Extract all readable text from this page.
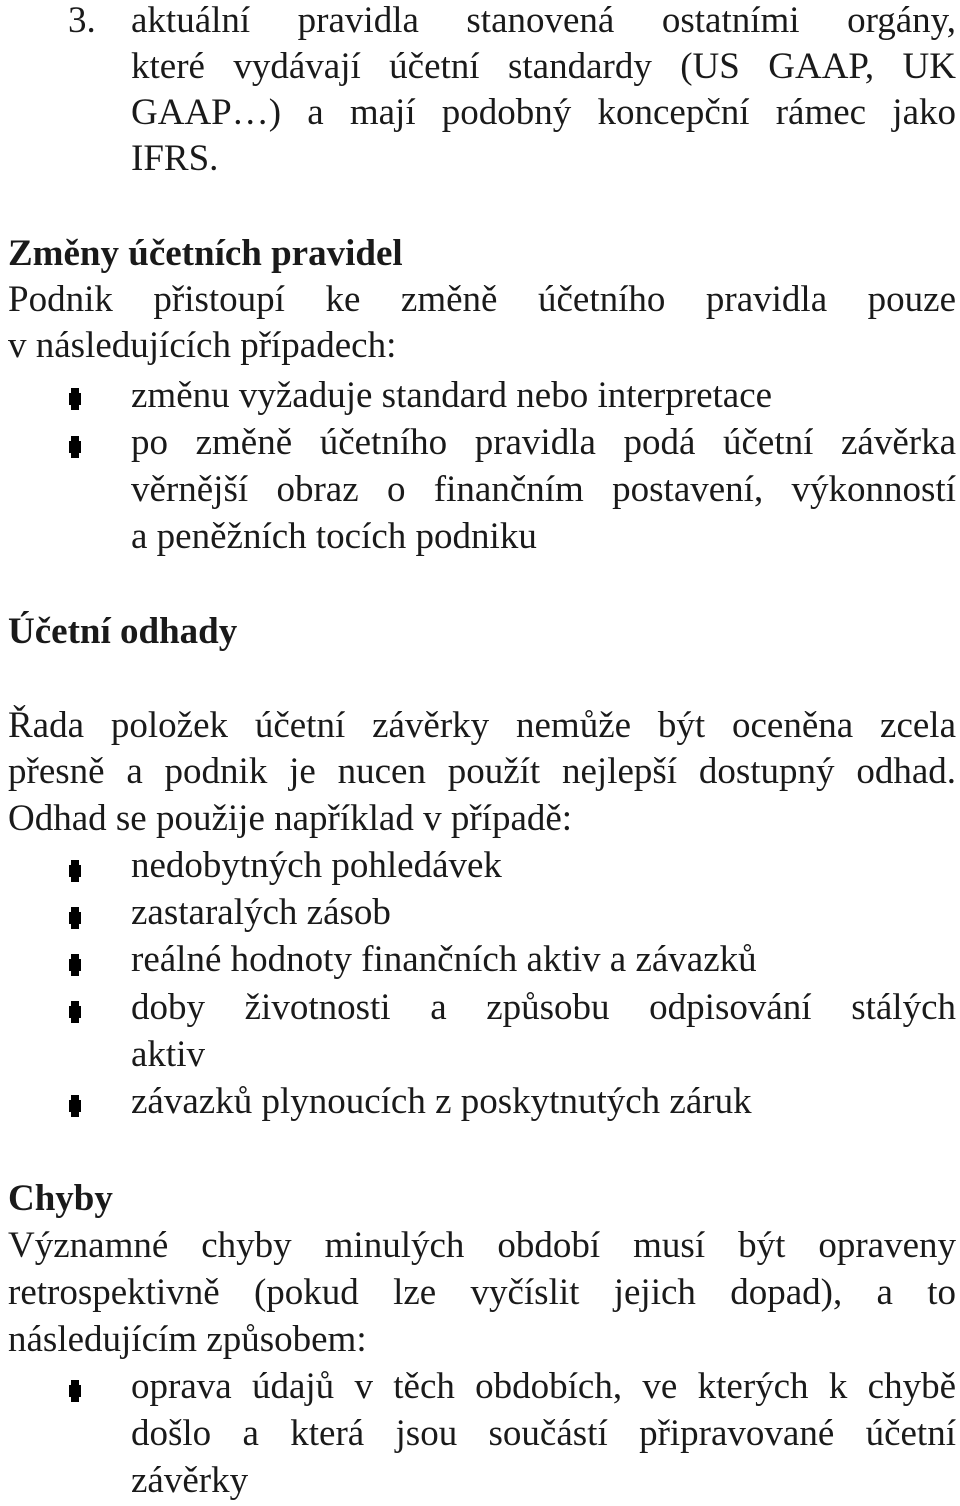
3. aktuální pravidla stanovená ostatními orgány,
které vydávají účetní standardy (US GAAP, UK
GAAP…) a mají podobný koncepční rámec jako
IFRS.
Změny účetních pravidel
Podnik přistoupí ke změně účetního pravidla pouze
v následujících případech:
změnu vyžaduje standard nebo interpretace
po změně účetního pravidla podá účetní závěrka
věrnější obraz o finančním postavení, výkonností
a peněžních tocích podniku
Účetní odhady
Řada položek účetní závěrky nemůže být oceněna zcela
přesně a podnik je nucen použít nejlepší dostupný odhad.
Odhad se použije například v případě:
nedobytných pohledávek
zastaralých zásob
reálné hodnoty finančních aktiv a závazků
doby životnosti a způsobu odpisování stálých
aktiv
závazků plynoucích z poskytnutých záruk
Chyby
Významné chyby minulých období musí být opraveny
retrospektivně (pokud lze vyčíslit jejich dopad), a to
následujícím způsobem:
oprava údajů v těch obdobích, ve kterých k chybě
došlo a která jsou součástí připravované účetní
závěrky
